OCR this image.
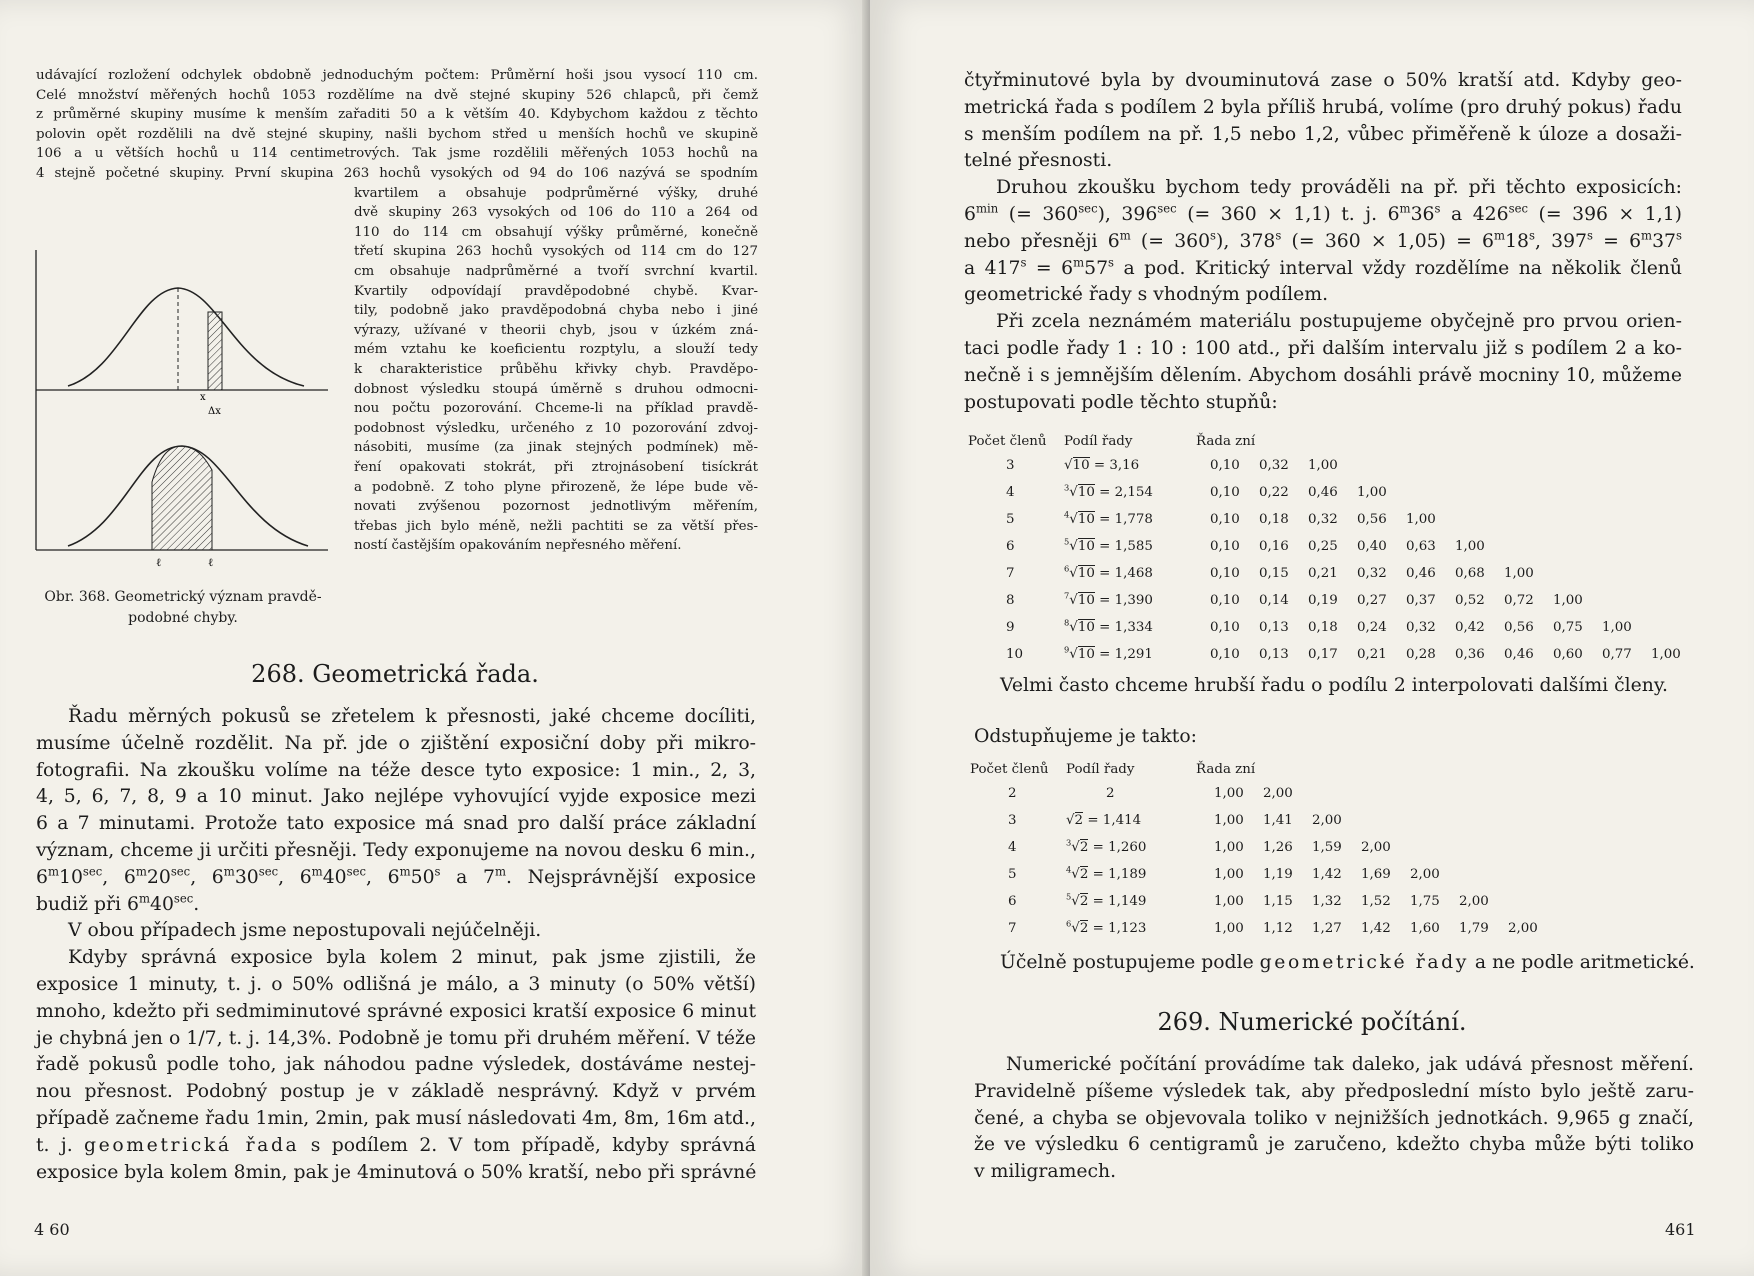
udávající rozložení odchylek obdobně jednoduchým počtem: Průměrní hoši jsou vysocí 110 cm.
Celé množství měřených hochů 1053 rozdělíme na dvě stejné skupiny 526 chlapců, při čemž
z průměrné skupiny musíme k menším zařaditi 50 a k větším 40. Kdybychom každou z těchto
polovin opět rozdělili na dvě stejné skupiny, našli bychom střed u menších hochů ve skupině
106 a u větších hochů u 114 centimetrových. Tak jsme rozdělili měřených 1053 hochů na
4 stejně početné skupiny. První skupina 263 hochů vysokých od 94 do 106 nazývá se spodním
kvartilem a obsahuje podprůměrné výšky, druhé
dvě skupiny 263 vysokých od 106 do 110 a 264 od
110 do 114 cm obsahují výšky průměrné, konečně
třetí skupina 263 hochů vysokých od 114 cm do 127
cm obsahuje nadprůměrné a tvoří svrchní kvartil.
Kvartily odpovídají pravděpodobné chybě. Kvar-
tily, podobně jako pravděpodobná chyba nebo i jiné
výrazy, užívané v theorii chyb, jsou v úzkém zná-
mém vztahu ke koeficientu rozptylu, a slouží tedy
k charakteristice průběhu křivky chyb. Pravděpo-
dobnost výsledku stoupá úměrně s druhou odmocni-
nou počtu pozorování. Chceme-li na příklad pravdě-
podobnost výsledku, určeného z 10 pozorování zdvoj-
násobiti, musíme (za jinak stejných podmínek) mě-
ření opakovati stokrát, při ztrojnásobení tisíckrát
a podobně. Z toho plyne přirozeně, že lépe bude vě-
novati zvýšenou pozornost jednotlivým měřením,
třebas jich bylo méně, nežli pachtiti se za větší přes-
ností častějším opakováním nepřesného měření.
x
Δx
ℓ	ℓ
Obr. 368. Geometrický význam pravdě-
podobné chyby.
268. Geometrická řada.
Řadu měrných pokusů se zřetelem k přesnosti, jaké chceme docíliti,
musíme účelně rozdělit. Na př. jde o zjištění exposiční doby při mikro-
fotografii. Na zkoušku volíme na téže desce tyto exposice: 1 min., 2, 3,
4, 5, 6, 7, 8, 9 a 10 minut. Jako nejlépe vyhovující vyjde exposice mezi
6 a 7 minutami. Protože tato exposice má snad pro další práce základní
význam, chceme ji určiti přesněji. Tedy exponujeme na novou desku 6 min.,
$6^m10^{sec}$, $6^m20^{sec}$, $6^m30^{sec}$, $6^m40^{sec}$, 6$^m$50$^s$ a 7$^m$. Nejsprávnější exposice
budiž při $6^m40^{sec}$.
V obou případech jsme nepostupovali nejúčelněji.
Kdyby správná exposice byla kolem 2 minut, pak jsme zjistili, že
exposice 1 minuty, t. j. o 50% odlišná je málo, a 3 minuty (o 50% větší)
mnoho, kdežto při sedmiminutové správné exposici kratší exposice 6 minut
je chybná jen o 1/7, t. j. 14,3%. Podobně je tomu při druhém měření. V téže
řadě pokusů podle toho, jak náhodou padne výsledek, dostáváme nestej-
nou přesnost. Podobný postup je v základě nesprávný. Když v prvém
případě začneme řadu 1min, 2min, pak musí následovati 4m, 8m, 16m atd.,
t. j. geometrická řada s podílem 2. V tom případě, kdyby správná
exposice byla kolem 8min, pak je 4minutová o 50% kratší, nebo při správné
4 60
čtyřminutové byla by dvouminutová zase o 50% kratší atd. Kdyby geo-
metrická řada s podílem 2 byla příliš hrubá, volíme (pro druhý pokus) řadu
s menším podílem na př. 1,5 nebo 1,2, vůbec přiměřeně k úloze a dosaži-
telné přesnosti.
Druhou zkoušku bychom tedy prováděli na př. při těchto exposicích:
$6^{min}$ (= $360^{sec}$), $396^{sec}$ (= 360 × 1,1) t. j. 6$^m$36$^s$ a $426^{sec}$ (= 396 × 1,1)
nebo přesněji 6$^m$ (= $360^s$), 378$^s$ (= $360 \times 1,05) = 6^m18^s$, $397^s = 6^m37^s$
a $417^s = 6^m57^s$ a pod. Kritický interval vždy rozdělíme na několik členů
geometrické řady s vhodným podílem.
Při zcela neznámém materiálu postupujeme obyčejně pro prvou orien-
taci podle řady 1 : 10 : 100 atd., při dalším intervalu již s podílem 2 a ko-
nečně i s jemnějším dělením. Abychom dosáhli právě mocniny 10, můžeme
postupovati podle těchto stupňů:
Počet členů	Podíl řady	Řada zní
3	√10 = 3,16	0,10 0,32 1,00
4	$^3$√10 = 2,154	0,10 0,22 0,46 1,00
5	$^4$√10 = 1,778	0,10 0,18 0,32 0,56 1,00
6	$^5$√10 = 1,585	0,10 0,16 0,25 0,40 0,63 1,00
7	$^6$√10 = 1,468	0,10 0,15 0,21 0,32 0,46 0,68 1,00
8	$^7$√10 = 1,390	0,10 0,14 0,19 0,27 0,37 0,52 0,72 1,00
9	$^8$√10 = 1,334	0,10 0,13 0,18 0,24 0,32 0,42 0,56 0,75 1,00
10	$^9$√10 = 1,291	0,10 0,13 0,17 0,21 0,28 0,36 0,46 0,60 0,77 1,00
Velmi často chceme hrubší řadu o podílu 2 interpolovati dalšími členy.
Odstupňujeme je takto:
Počet členů	Podíl řady	Řada zní
2	2	1,00 2,00
3	√2 = 1,414	1,00 1,41 2,00
4	$^3$√2 = 1,260	1,00 1,26 1,59 2,00
5	$^4$√2 = 1,189	1,00 1,19 1,42 1,69 2,00
6	$^5$√2 = 1,149	1,00 1,15 1,32 1,52 1,75 2,00
7	$^6$√2 = 1,123	1,00 1,12 1,27 1,42 1,60 1,79 2,00
Účelně postupujeme podle geometrické řady a ne podle aritmetické.
269. Numerické počítání.
Numerické počítání provádíme tak daleko, jak udává přesnost měření.
Pravidelně píšeme výsledek tak, aby předposlední místo bylo ještě zaru-
čené, a chyba se objevovala toliko v nejnižších jednotkách. 9,965 g značí,
že ve výsledku 6 centigramů je zaručeno, kdežto chyba může býti toliko
v miligramech.
461
